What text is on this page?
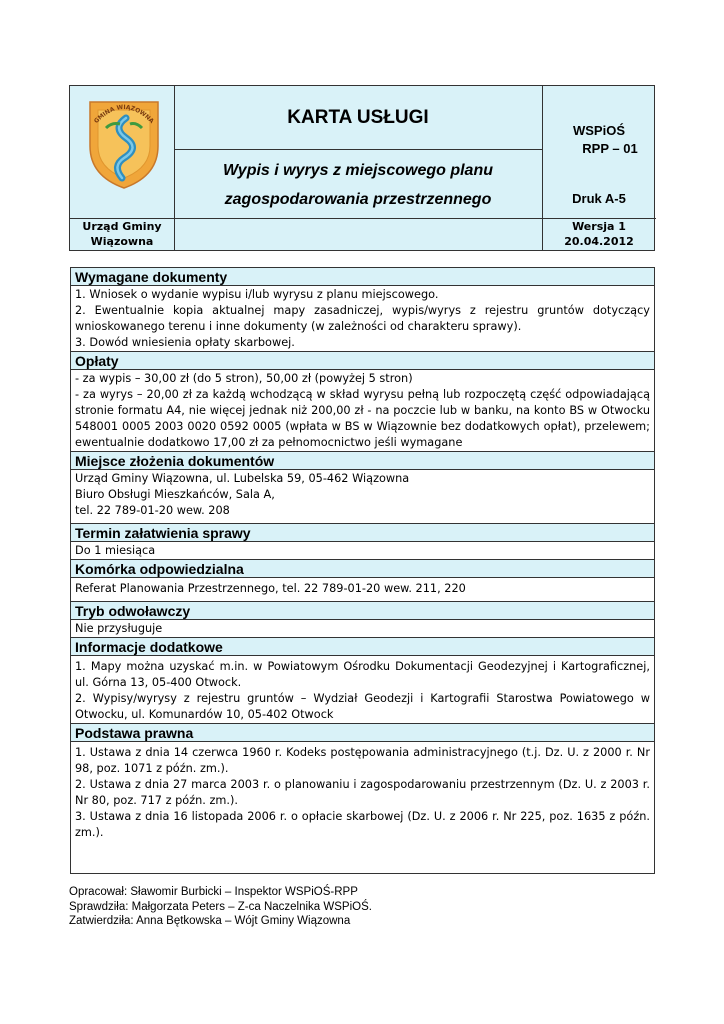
GMINA WIĄZOWNA	KARTA USŁUGI
Wypis i wyrys z miejscowego planu
zagospodarowania przestrzennego
WSPiOŚ
RPP – 01
Druk A-5
Urząd Gminy
Wiązowna
Wersja 1
20.04.2012
Wymagane dokumenty

1. Wniosek o wydanie wypisu i/lub wyrysu z planu miejscowego.

2. Ewentualnie kopia aktualnej mapy zasadniczej, wypis/wyrys z rejestru gruntów dotyczący wnioskowanego terenu i inne dokumenty (w zależności od charakteru sprawy).

3. Dowód wniesienia opłaty skarbowej.

Opłaty

- za wypis – 30,00 zł (do 5 stron), 50,00 zł (powyżej 5 stron)

- za wyrys – 20,00 zł za każdą wchodzącą w skład wyrysu pełną lub rozpoczętą część odpowiadającą stronie formatu A4, nie więcej jednak niż 200,00 zł - na poczcie lub w banku, na konto BS w Otwocku 548001 0005 2003 0020 0592 0005 (wpłata w BS w Wiązownie bez dodatkowych opłat), przelewem; ewentualnie dodatkowo 17,00 zł za pełnomocnictwo jeśli wymagane

Miejsce złożenia dokumentów

Urząd Gminy Wiązowna, ul. Lubelska 59, 05-462 Wiązowna

Biuro Obsługi Mieszkańców, Sala A,

tel. 22 789-01-20 wew. 208

Termin załatwienia sprawy

Do 1 miesiąca

Komórka odpowiedzialna

Referat Planowania Przestrzennego, tel. 22 789-01-20 wew. 211, 220

Tryb odwoławczy

Nie przysługuje

Informacje dodatkowe

1. Mapy można uzyskać m.in. w Powiatowym Ośrodku Dokumentacji Geodezyjnej i Kartograficznej, ul. Górna 13, 05-400 Otwock.

2. Wypisy/wyrysy z rejestru gruntów – Wydział Geodezji i Kartografii Starostwa Powiatowego w Otwocku, ul. Komunardów 10, 05-402 Otwock

Podstawa prawna

1. Ustawa z dnia 14 czerwca 1960 r. Kodeks postępowania administracyjnego (t.j. Dz. U. z 2000 r. Nr 98, poz. 1071 z późn. zm.).

2. Ustawa z dnia 27 marca 2003 r. o planowaniu i zagospodarowaniu przestrzennym (Dz. U. z 2003 r. Nr 80, poz. 717 z późn. zm.).

3. Ustawa z dnia 16 listopada 2006 r. o opłacie skarbowej (Dz. U. z 2006 r. Nr 225, poz. 1635 z późn. zm.).

Opracował: Sławomir Burbicki – Inspektor WSPiOŚ-RPP
Sprawdziła: Małgorzata Peters – Z-ca Naczelnika WSPiOŚ.
Zatwierdziła: Anna Bętkowska – Wójt Gminy Wiązowna
